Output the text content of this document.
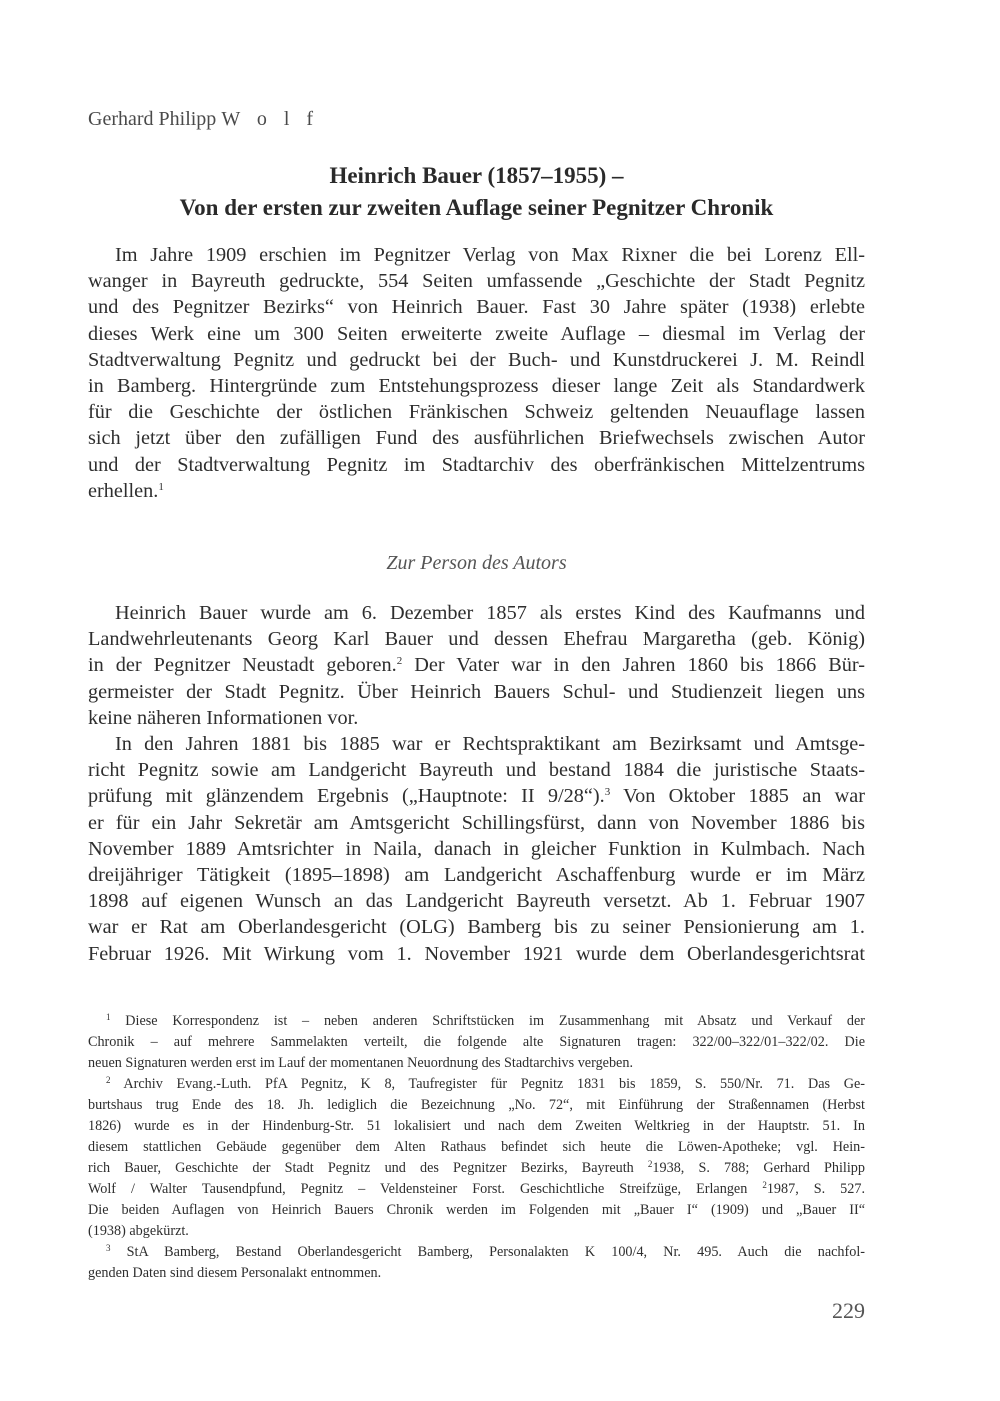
Gerhard Philipp W o l f
Heinrich Bauer (1857–1955) –
Von der ersten zur zweiten Auflage seiner Pegnitzer Chronik

Im Jahre 1909 erschien im Pegnitzer Verlag von Max Rixner die bei Lorenz Ell-

wanger in Bayreuth gedruckte, 554 Seiten umfassende „Geschichte der Stadt Pegnitz

und des Pegnitzer Bezirks“ von Heinrich Bauer. Fast 30 Jahre später (1938) erlebte

dieses Werk eine um 300 Seiten erweiterte zweite Auflage – diesmal im Verlag der

Stadtverwaltung Pegnitz und gedruckt bei der Buch- und Kunstdruckerei J. M. Reindl

in Bamberg. Hintergründe zum Entstehungsprozess dieser lange Zeit als Standardwerk

für die Geschichte der östlichen Fränkischen Schweiz geltenden Neuauflage lassen

sich jetzt über den zufälligen Fund des ausführlichen Briefwechsels zwischen Autor

und der Stadtverwaltung Pegnitz im Stadtarchiv des oberfränkischen Mittelzentrums

erhellen.$^1$

Zur Person des Autors

Heinrich Bauer wurde am 6. Dezember 1857 als erstes Kind des Kaufmanns und

Landwehrleutenants Georg Karl Bauer und dessen Ehefrau Margaretha (geb. König)

in der Pegnitzer Neustadt geboren.$^2$ Der Vater war in den Jahren 1860 bis 1866 Bür-

germeister der Stadt Pegnitz. Über Heinrich Bauers Schul- und Studienzeit liegen uns

keine näheren Informationen vor.

In den Jahren 1881 bis 1885 war er Rechtspraktikant am Bezirksamt und Amtsge-

richt Pegnitz sowie am Landgericht Bayreuth und bestand 1884 die juristische Staats-

prüfung mit glänzendem Ergebnis („Hauptnote: II 9/28“).$^3$ Von Oktober 1885 an war

er für ein Jahr Sekretär am Amtsgericht Schillingsfürst, dann von November 1886 bis

November 1889 Amtsrichter in Naila, danach in gleicher Funktion in Kulmbach. Nach

dreijähriger Tätigkeit (1895–1898) am Landgericht Aschaffenburg wurde er im März

1898 auf eigenen Wunsch an das Landgericht Bayreuth versetzt. Ab 1. Februar 1907

war er Rat am Oberlandesgericht (OLG) Bamberg bis zu seiner Pensionierung am 1.

Februar 1926. Mit Wirkung vom 1. November 1921 wurde dem Oberlandesgerichtsrat

$^1$ Diese Korrespondenz ist – neben anderen Schriftstücken im Zusammenhang mit Absatz und Verkauf der

Chronik – auf mehrere Sammelakten verteilt, die folgende alte Signaturen tragen: 322/00–322/01–322/02. Die

neuen Signaturen werden erst im Lauf der momentanen Neuordnung des Stadtarchivs vergeben.

$^2$ Archiv Evang.-Luth. PfA Pegnitz, K 8, Taufregister für Pegnitz 1831 bis 1859, S. 550/Nr. 71. Das Ge-

burtshaus trug Ende des 18. Jh. lediglich die Bezeichnung „No. 72“, mit Einführung der Straßennamen (Herbst

1826) wurde es in der Hindenburg-Str. 51 lokalisiert und nach dem Zweiten Weltkrieg in der Hauptstr. 51. In

diesem stattlichen Gebäude gegenüber dem Alten Rathaus befindet sich heute die Löwen-Apotheke; vgl. Hein-

rich Bauer, Geschichte der Stadt Pegnitz und des Pegnitzer Bezirks, Bayreuth $^2$1938, S. 788; Gerhard Philipp

Wolf / Walter Tausendpfund, Pegnitz – Veldensteiner Forst. Geschichtliche Streifzüge, Erlangen $^2$1987, S. 527.

Die beiden Auflagen von Heinrich Bauers Chronik werden im Folgenden mit „Bauer I“ (1909) und „Bauer II“

(1938) abgekürzt.

$^3$ StA Bamberg, Bestand Oberlandesgericht Bamberg, Personalakten K 100/4, Nr. 495. Auch die nachfol-

genden Daten sind diesem Personalakt entnommen.

229
